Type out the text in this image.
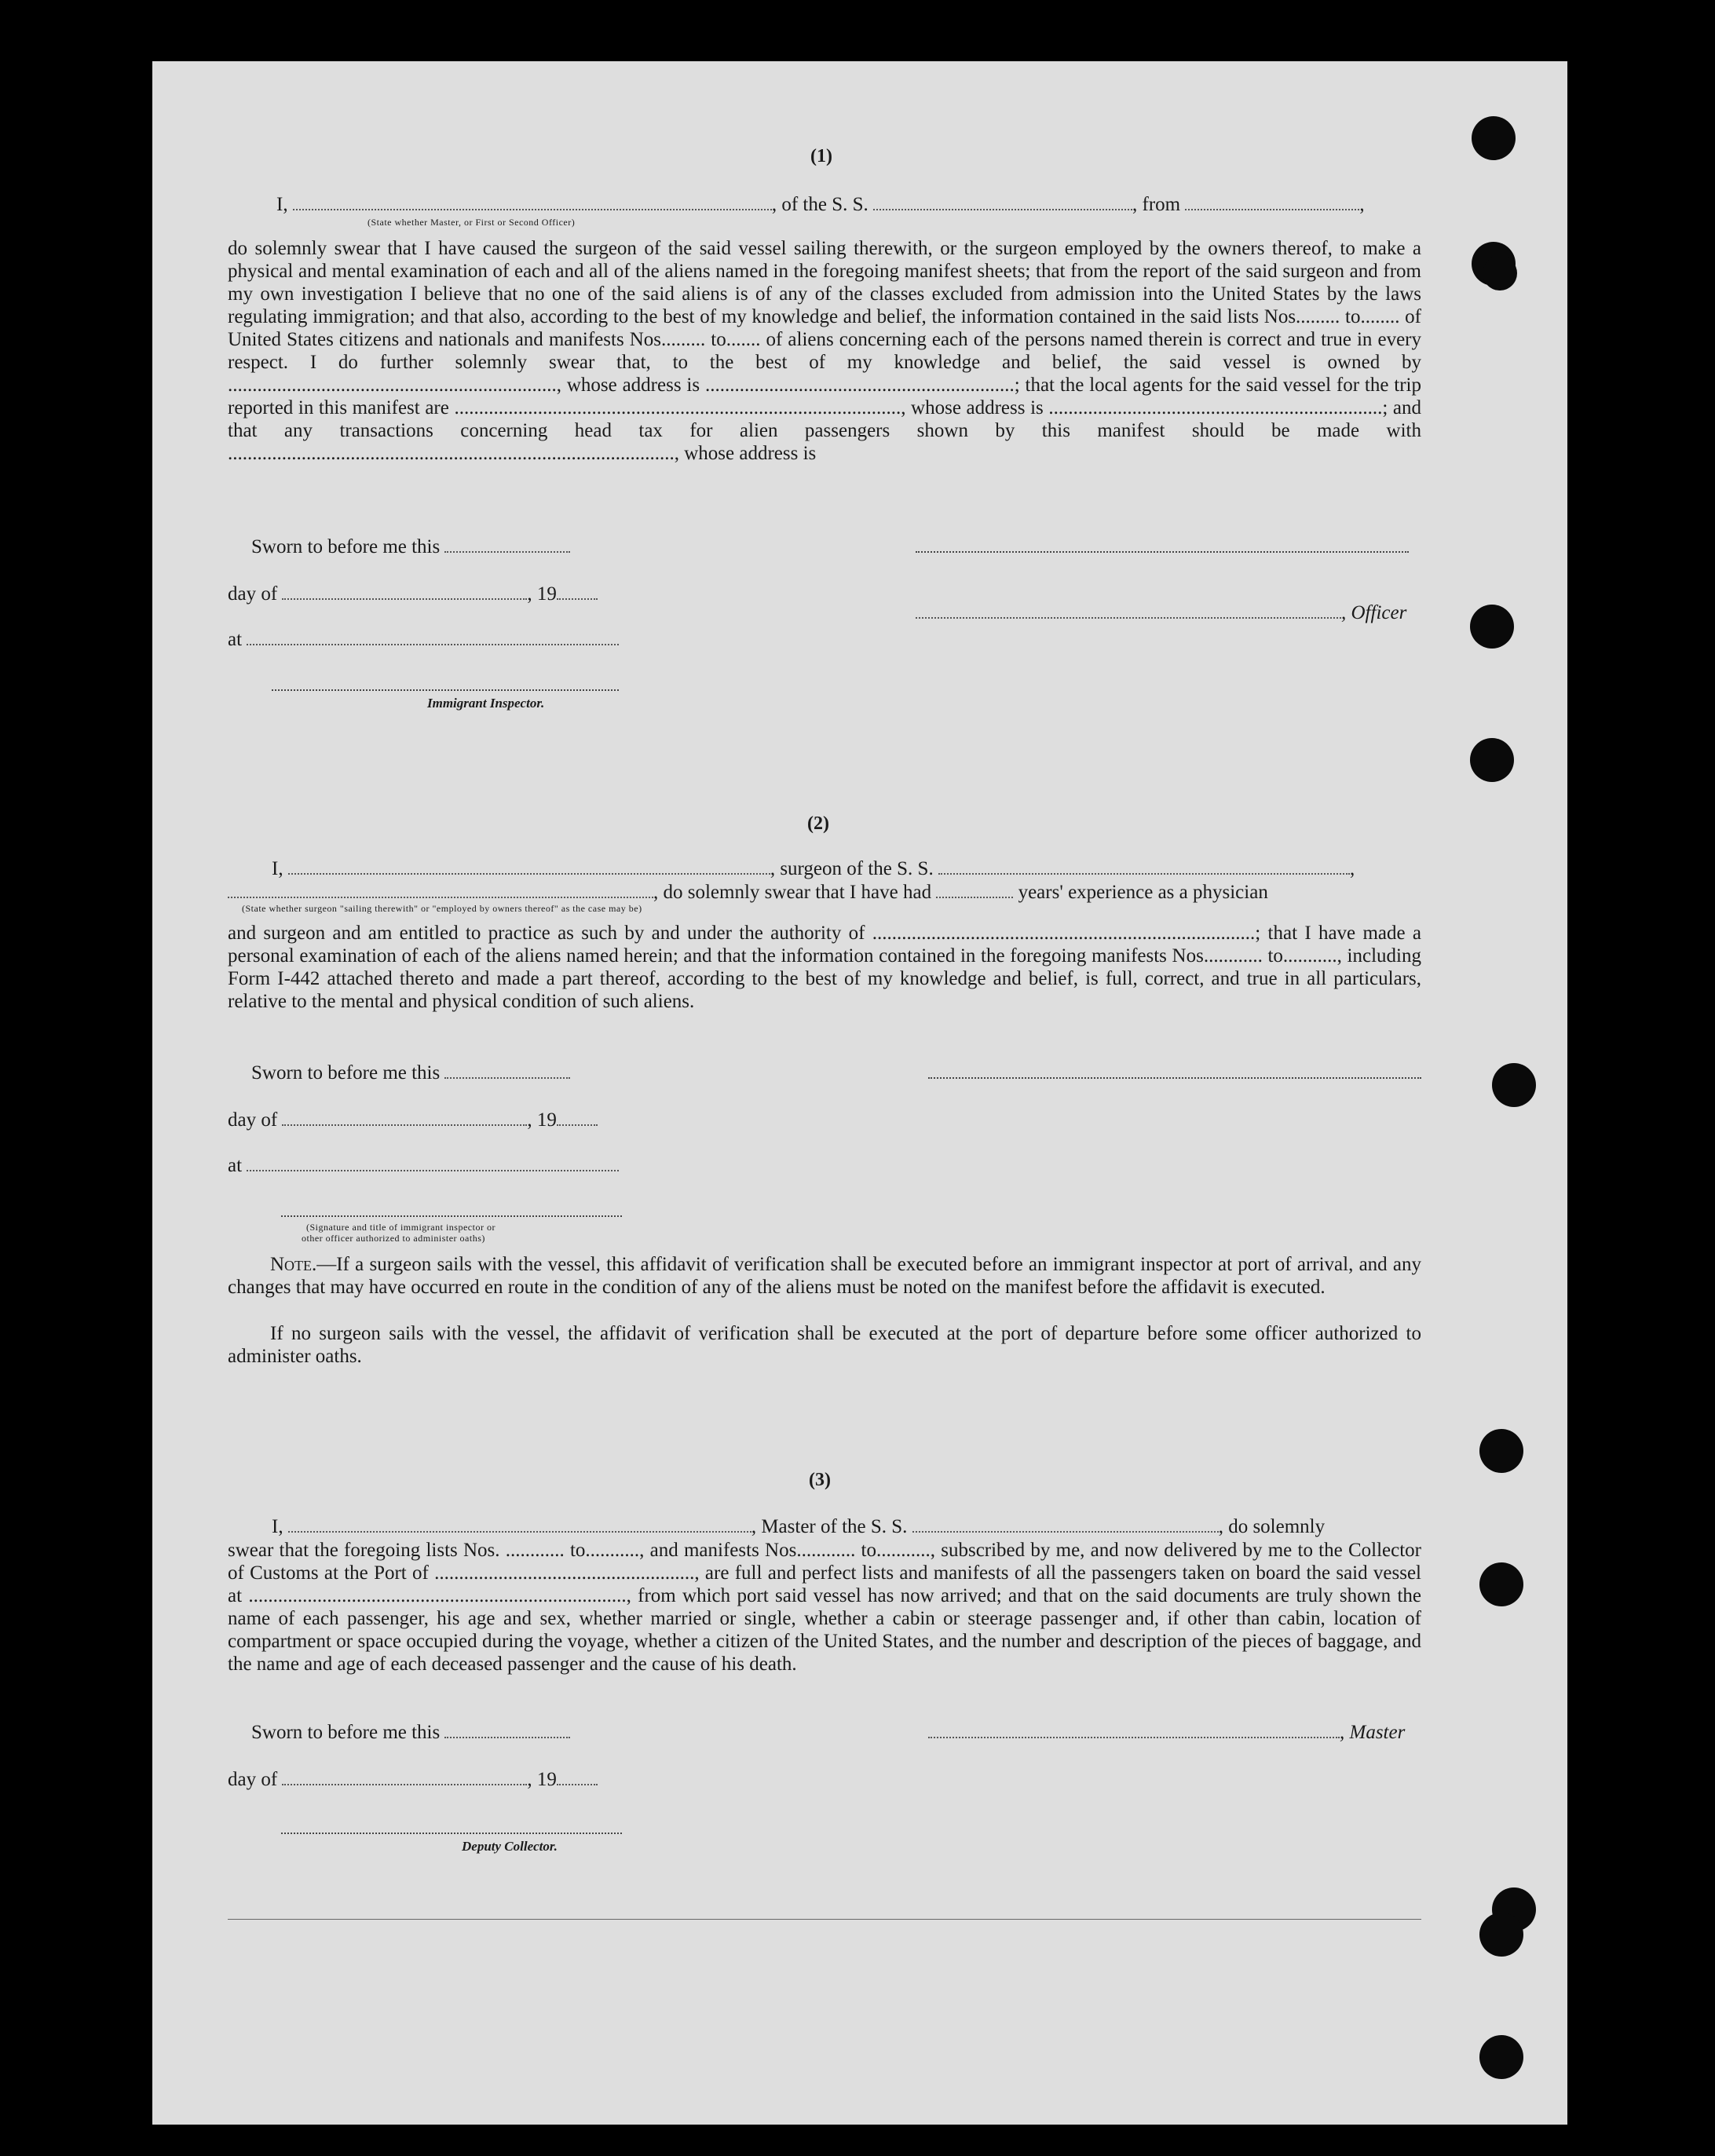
(1)
I,	, of the S. S.	, from	,
(State whether Master, or First or Second Officer)
do solemnly swear that I have caused the surgeon of the said vessel sailing therewith, or the surgeon employed by the owners thereof, to make a physical and mental examination of each and all of the aliens named in the foregoing manifest sheets; that from the report of the said surgeon and from my own investigation I believe that no one of the said aliens is of any of the classes excluded from admission into the United States by the laws regulating immigration; and that also, according to the best of my knowledge and belief, the information contained in the said lists Nos......... to........ of United States citizens and nationals and manifests Nos......... to....... of aliens concerning each of the persons named therein is correct and true in every respect. I do further solemnly swear that, to the best of my knowledge and belief, the said vessel is owned by ..................................................................., whose address is ...............................................................; that the local agents for the said vessel for the trip reported in this manifest are ..........................................................................................., whose address is ....................................................................; and that any transactions concerning head tax for alien passengers shown by this manifest should be made with ..........................................................................................., whose address is
Sworn to before me this
day of	, 19
, Officer
at
Immigrant Inspector.
(2)
I,	, surgeon of the S. S.	,
, do solemnly swear that I have had	years' experience as a physician
(State whether surgeon "sailing therewith" or "employed by owners thereof" as the case may be)
and surgeon and am entitled to practice as such by and under the authority of ..............................................................................; that I have made a personal examination of each of the aliens named herein; and that the information contained in the foregoing manifests Nos............ to..........., including Form I-442 attached thereto and made a part thereof, according to the best of my knowledge and belief, is full, correct, and true in all particulars, relative to the mental and physical condition of such aliens.
Sworn to before me this
day of	, 19
at
(Signature and title of immigrant inspector or
other officer authorized to administer oaths)
Note.—If a surgeon sails with the vessel, this affidavit of verification shall be executed before an immigrant inspector at port of arrival, and any changes that may have occurred en route in the condition of any of the aliens must be noted on the manifest before the affidavit is executed.
If no surgeon sails with the vessel, the affidavit of verification shall be executed at the port of departure before some officer authorized to administer oaths.
(3)
I,	, Master of the S. S.	, do solemnly
swear that the foregoing lists Nos. ............ to..........., and manifests Nos............ to..........., subscribed by me, and now delivered by me to the Collector of Customs at the Port of ....................................................., are full and perfect lists and manifests of all the passengers taken on board the said vessel at ............................................................................., from which port said vessel has now arrived; and that on the said documents are truly shown the name of each passenger, his age and sex, whether married or single, whether a cabin or steerage passenger and, if other than cabin, location of compartment or space occupied during the voyage, whether a citizen of the United States, and the number and description of the pieces of baggage, and the name and age of each deceased passenger and the cause of his death.
Sworn to before me this	, Master
day of	, 19
Deputy Collector.
